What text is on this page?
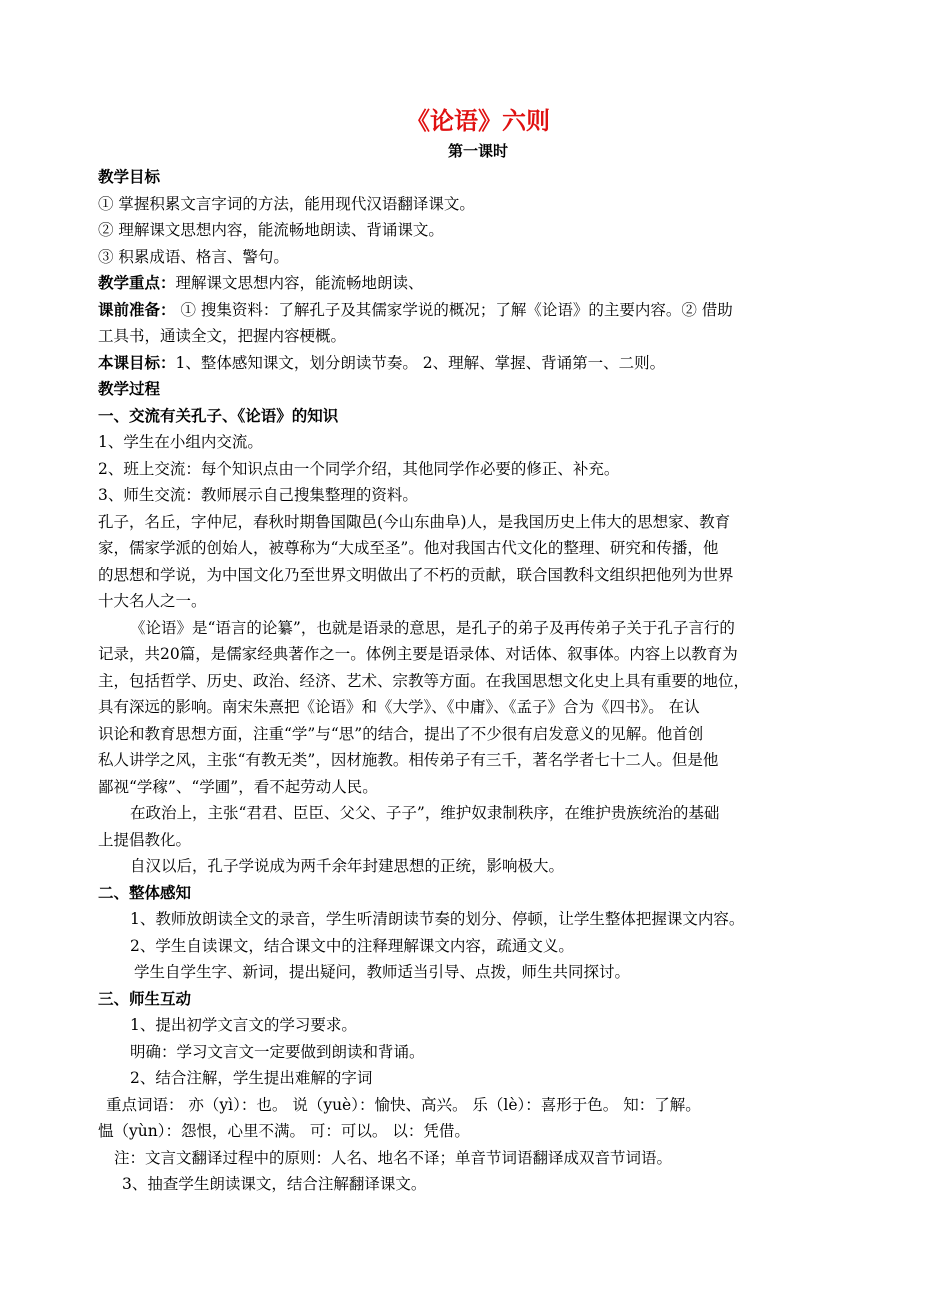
《论语》六则
第一课时
教学目标
① 掌握积累文言字词的方法，能用现代汉语翻译课文。
② 理解课文思想内容，能流畅地朗读、背诵课文。
③ 积累成语、格言、警句。
教学重点：理解课文思想内容，能流畅地朗读、
课前准备： ① 搜集资料：了解孔子及其儒家学说的概况；了解《论语》的主要内容。② 借助
工具书，通读全文，把握内容梗概。
本课目标：1、整体感知课文，划分朗读节奏。 2、理解、掌握、背诵第一、二则。
教学过程
一、交流有关孔子、《论语》的知识
1、学生在小组内交流。
2、班上交流：每个知识点由一个同学介绍，其他同学作必要的修正、补充。
3、师生交流：教师展示自己搜集整理的资料。
孔子，名丘，字仲尼，春秋时期鲁国陬邑(今山东曲阜)人，是我国历史上伟大的思想家、教育
家，儒家学派的创始人，被尊称为“大成至圣”。他对我国古代文化的整理、研究和传播，他
的思想和学说，为中国文化乃至世界文明做出了不朽的贡献，联合国教科文组织把他列为世界
十大名人之一。
《论语》是“语言的论纂”，也就是语录的意思，是孔子的弟子及再传弟子关于孔子言行的
记录，共20篇，是儒家经典著作之一。体例主要是语录体、对话体、叙事体。内容上以教育为
主，包括哲学、历史、政治、经济、艺术、宗教等方面。在我国思想文化史上具有重要的地位，
具有深远的影响。南宋朱熹把《论语》和《大学》、《中庸》、《孟子》合为《四书》。 在认
识论和教育思想方面，注重“学”与“思”的结合，提出了不少很有启发意义的见解。他首创
私人讲学之风，主张“有教无类”，因材施教。相传弟子有三千，著名学者七十二人。但是他
鄙视“学稼”、“学圃”，看不起劳动人民。
在政治上，主张“君君、臣臣、父父、子子”，维护奴隶制秩序，在维护贵族统治的基础
上提倡教化。
自汉以后，孔子学说成为两千余年封建思想的正统，影响极大。
二、整体感知
1、教师放朗读全文的录音，学生听清朗读节奏的划分、停顿，让学生整体把握课文内容。
2、学生自读课文，结合课文中的注释理解课文内容，疏通文义。
学生自学生字、新词，提出疑问，教师适当引导、点拨，师生共同探讨。
三、师生互动
1、提出初学文言文的学习要求。
明确：学习文言文一定要做到朗读和背诵。
2、结合注解，学生提出难解的字词
重点词语： 亦（yì）：也。 说（yuè）：愉快、高兴。 乐（lè）：喜形于色。 知：了解。
愠（yùn）：怨恨，心里不满。 可：可以。 以：凭借。
注：文言文翻译过程中的原则：人名、地名不译；单音节词语翻译成双音节词语。
3、抽查学生朗读课文，结合注解翻译课文。
